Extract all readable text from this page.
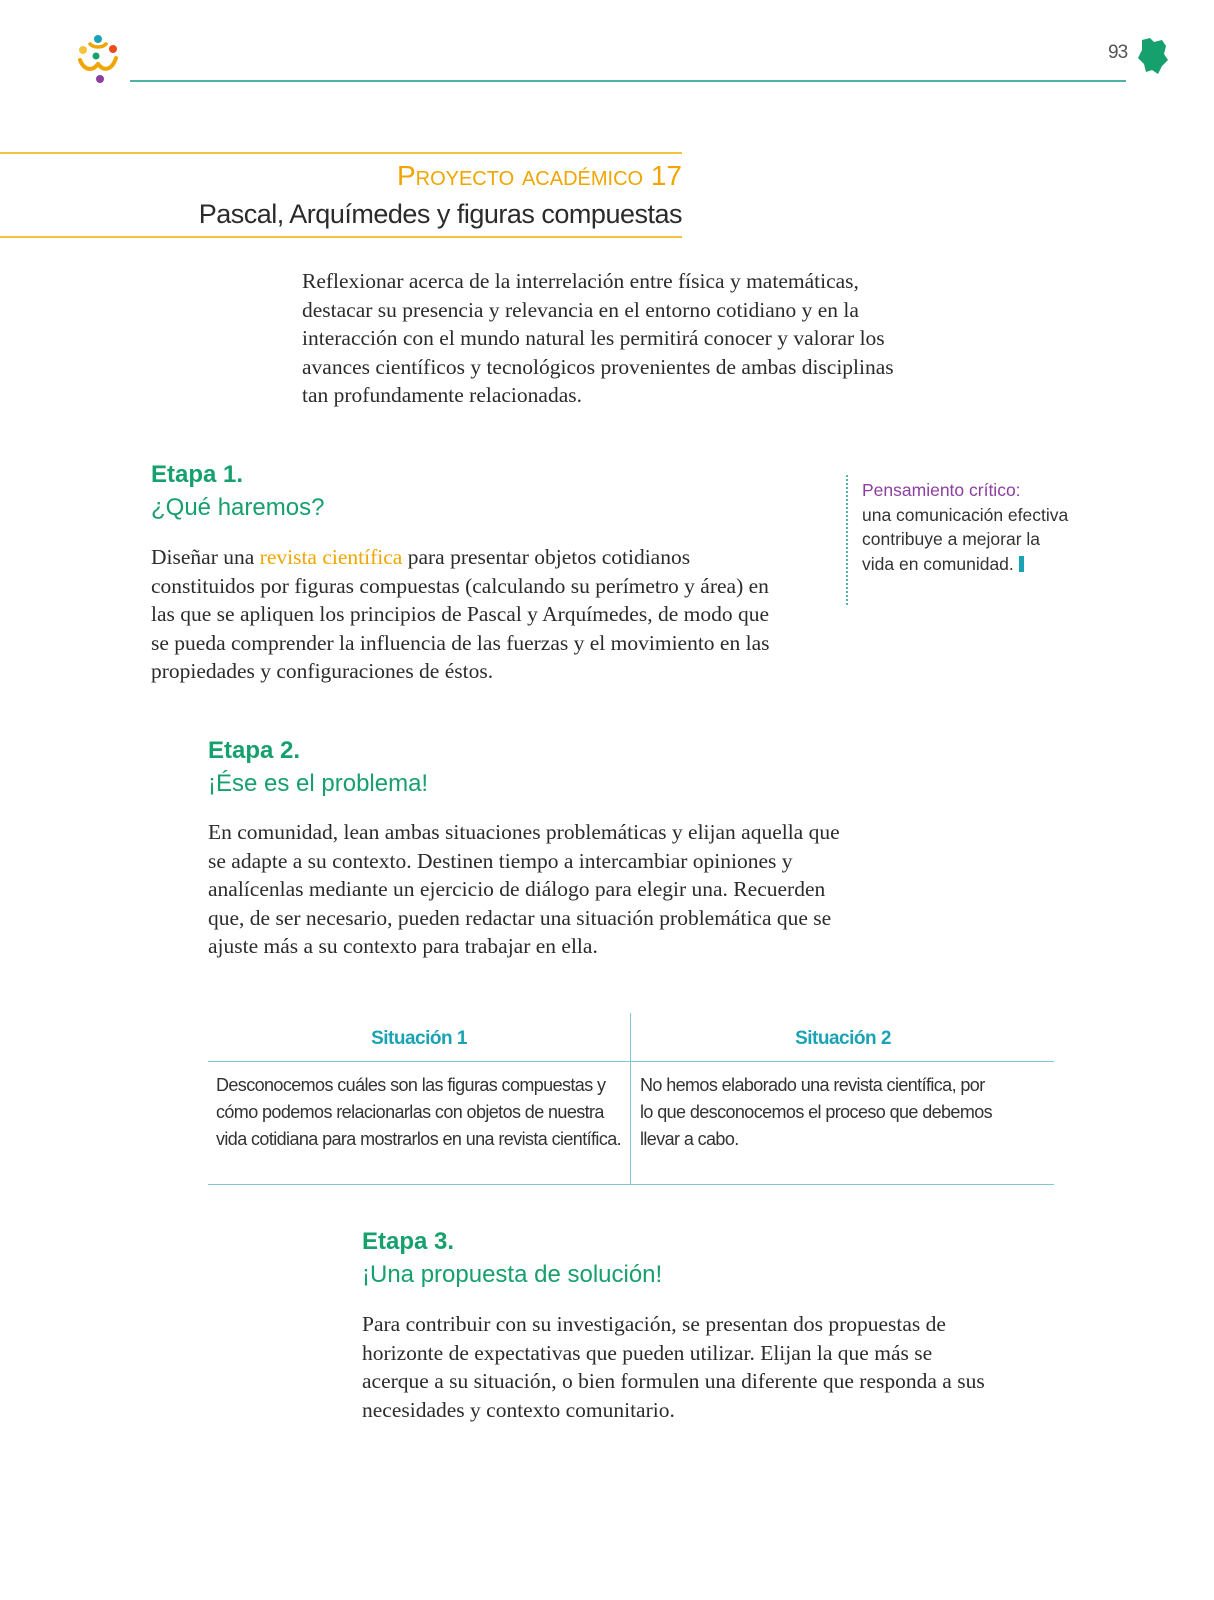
93
Proyecto académico 17
Pascal, Arquímedes y figuras compuestas
Reflexionar acerca de la interrelación entre física y matemáticas, destacar su presencia y relevancia en el entorno cotidiano y en la interacción con el mundo natural les permitirá conocer y valorar los avances científicos y tecnológicos provenientes de ambas disciplinas tan profundamente relacionadas.
Etapa 1.
¿Qué haremos?
Diseñar una revista científica para presentar objetos cotidianos constituidos por figuras compuestas (calculando su perímetro y área) en las que se apliquen los principios de Pascal y Arquímedes, de modo que se pueda comprender la influencia de las fuerzas y el movimiento en las propiedades y configuraciones de éstos.
Pensamiento crítico:
una comunicación efectiva contribuye a mejorar la vida en comunidad.
Etapa 2.
¡Ése es el problema!
En comunidad, lean ambas situaciones problemáticas y elijan aquella que se adapte a su contexto. Destinen tiempo a intercambiar opiniones y analícenlas mediante un ejercicio de diálogo para elegir una. Recuerden que, de ser necesario, pueden redactar una situación problemática que se ajuste más a su contexto para trabajar en ella.
Situación 1	Situación 2
Desconocemos cuáles son las figuras compuestas y cómo podemos relacionarlas con objetos de nuestra vida cotidiana para mostrarlos en una revista científica.
No hemos elaborado una revista científica, por lo que desconocemos el proceso que debemos llevar a cabo.
Etapa 3.
¡Una propuesta de solución!
Para contribuir con su investigación, se presentan dos propuestas de horizonte de expectativas que pueden utilizar. Elijan la que más se acerque a su situación, o bien formulen una diferente que responda a sus necesidades y contexto comunitario.
